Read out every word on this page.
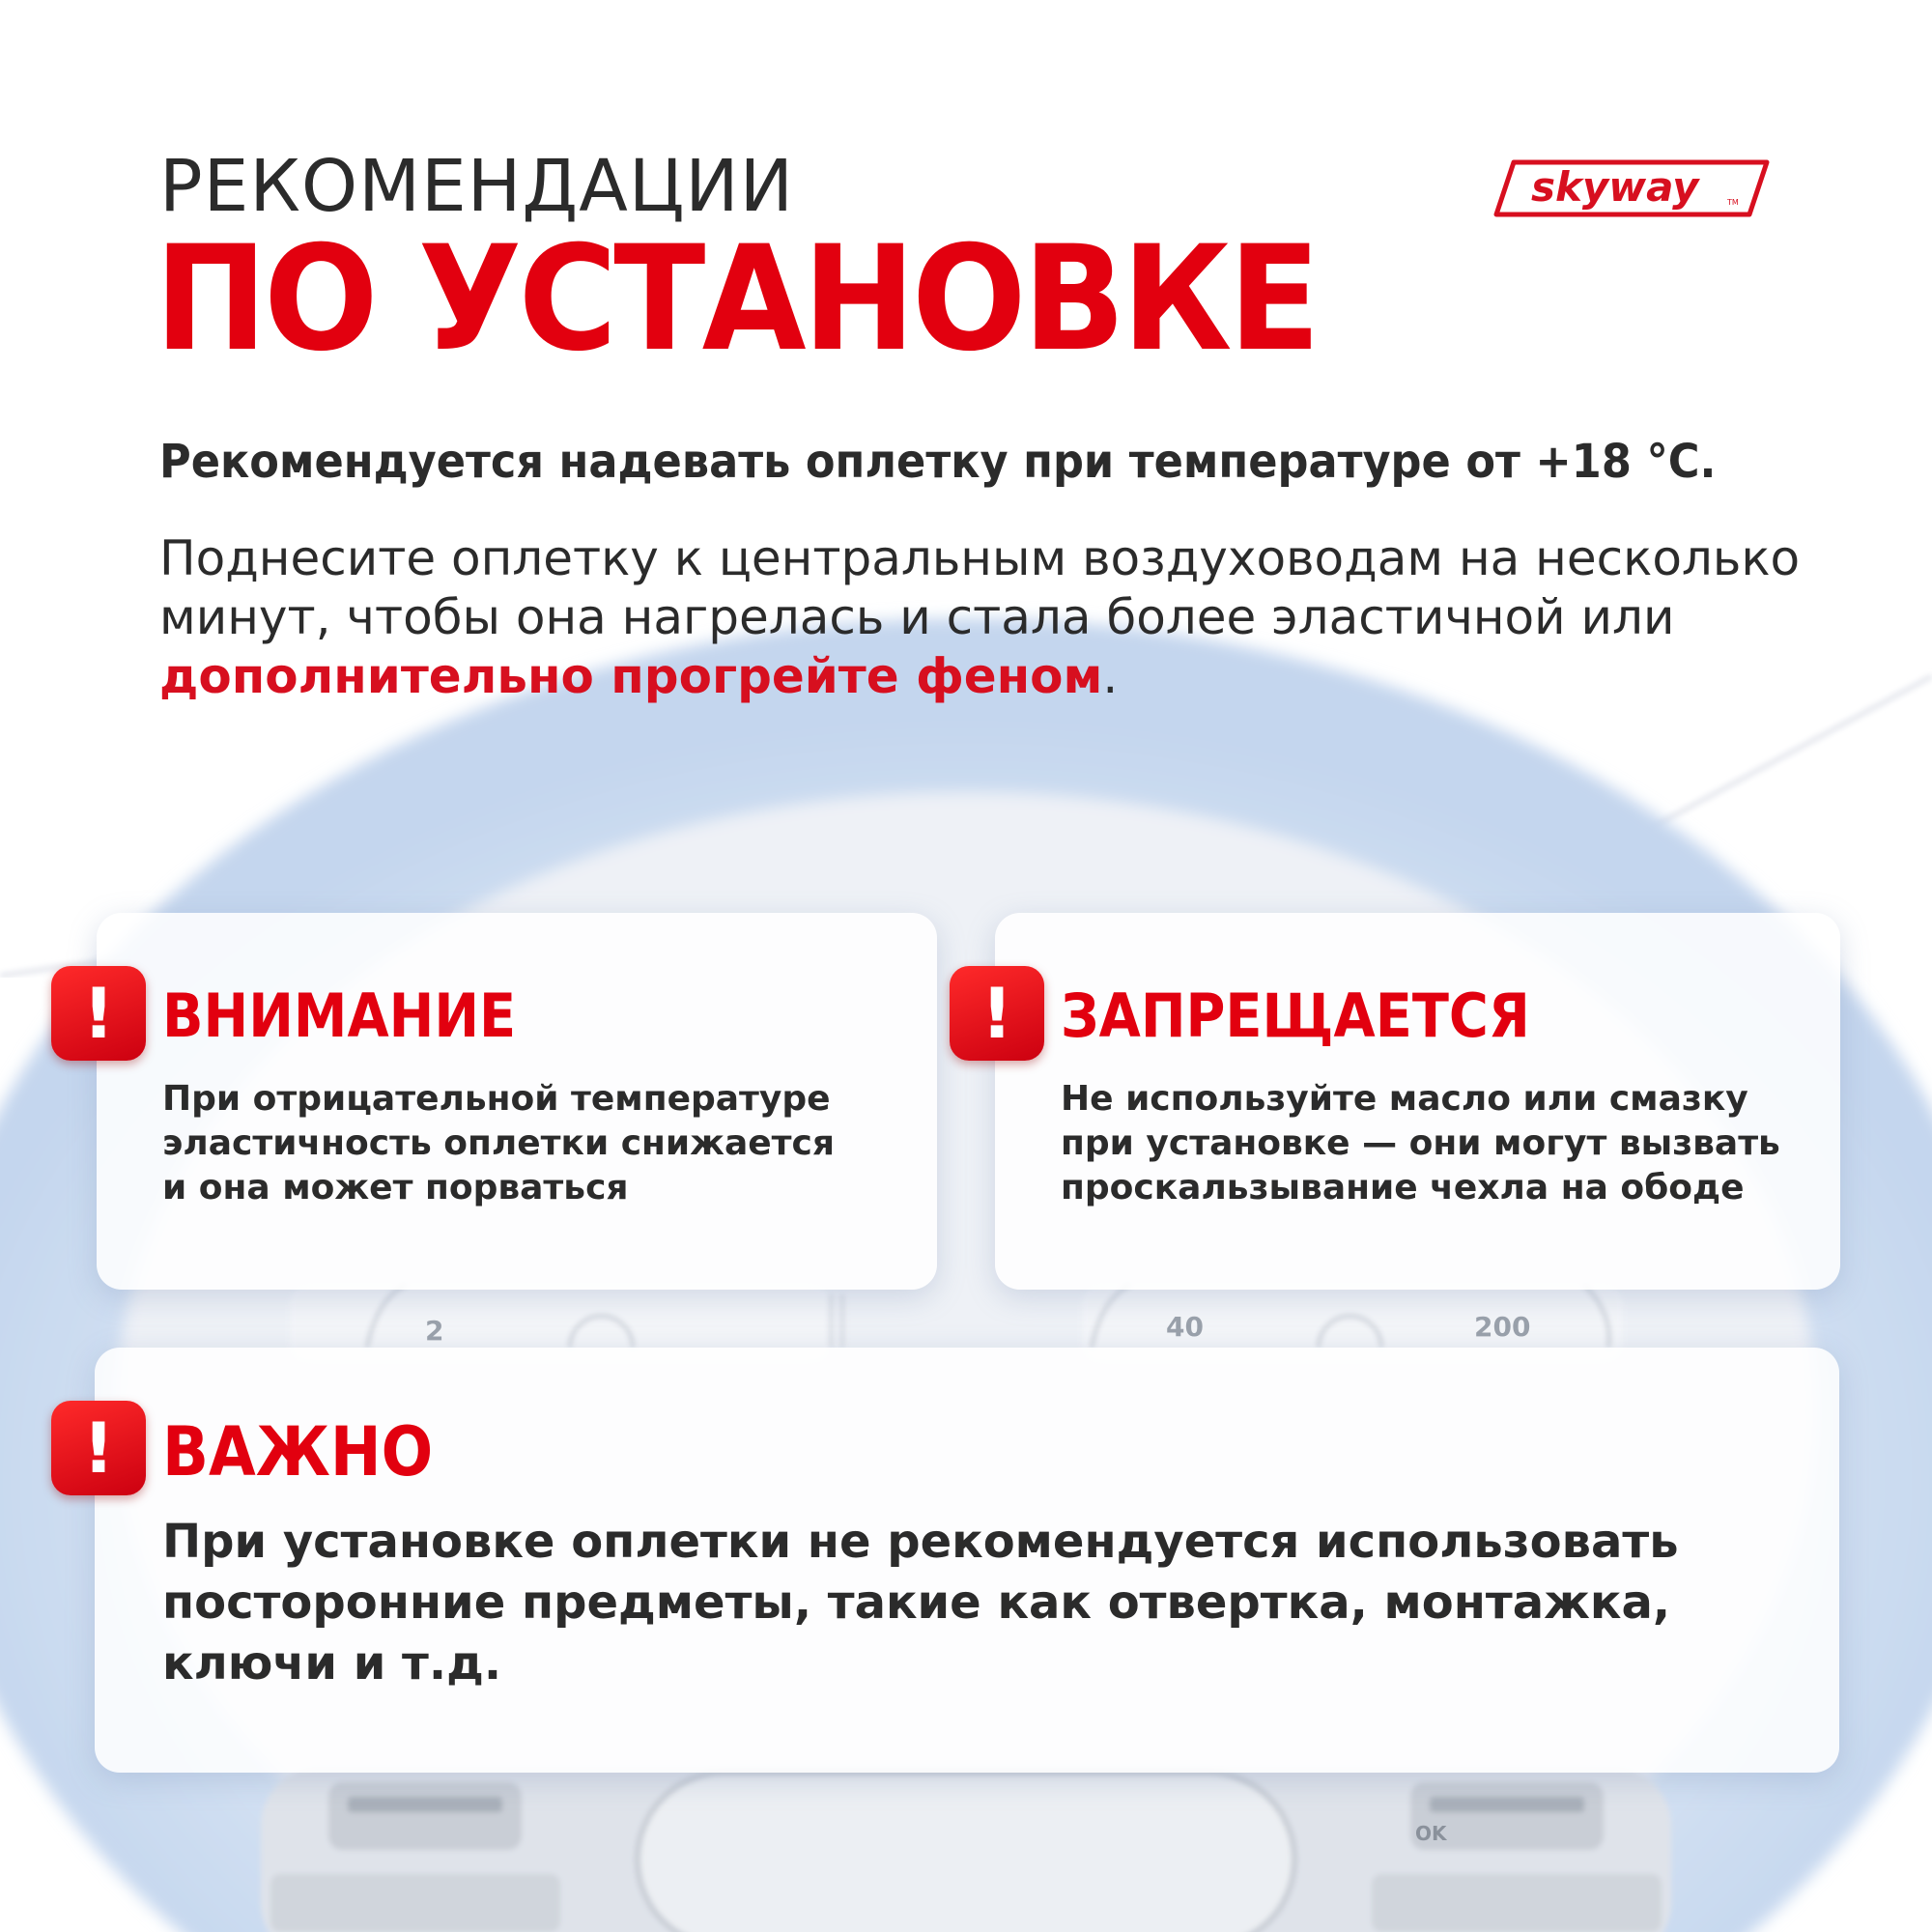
2	40	200
OK
РЕКОМЕНДАЦИИ
ПО УСТАНОВКЕ
skyway	TM
Рекомендуется надевать оплетку при температуре от +18 °C.
Поднесите оплетку к центральным воздуховодам на несколько минут, чтобы она нагрелась и стала более эластичной или дополнительно прогрейте феном.
! ВНИМАНИЕ
При отрицательной температуре
эластичность оплетки снижается
и она может порваться
! ЗАПРЕЩАЕТСЯ
Не используйте масло или смазку
при установке — они могут вызвать
проскальзывание чехла на ободе
! ВАЖНО
При установке оплетки не рекомендуется использовать
посторонние предметы, такие как отвертка, монтажка,
ключи и т.д.
